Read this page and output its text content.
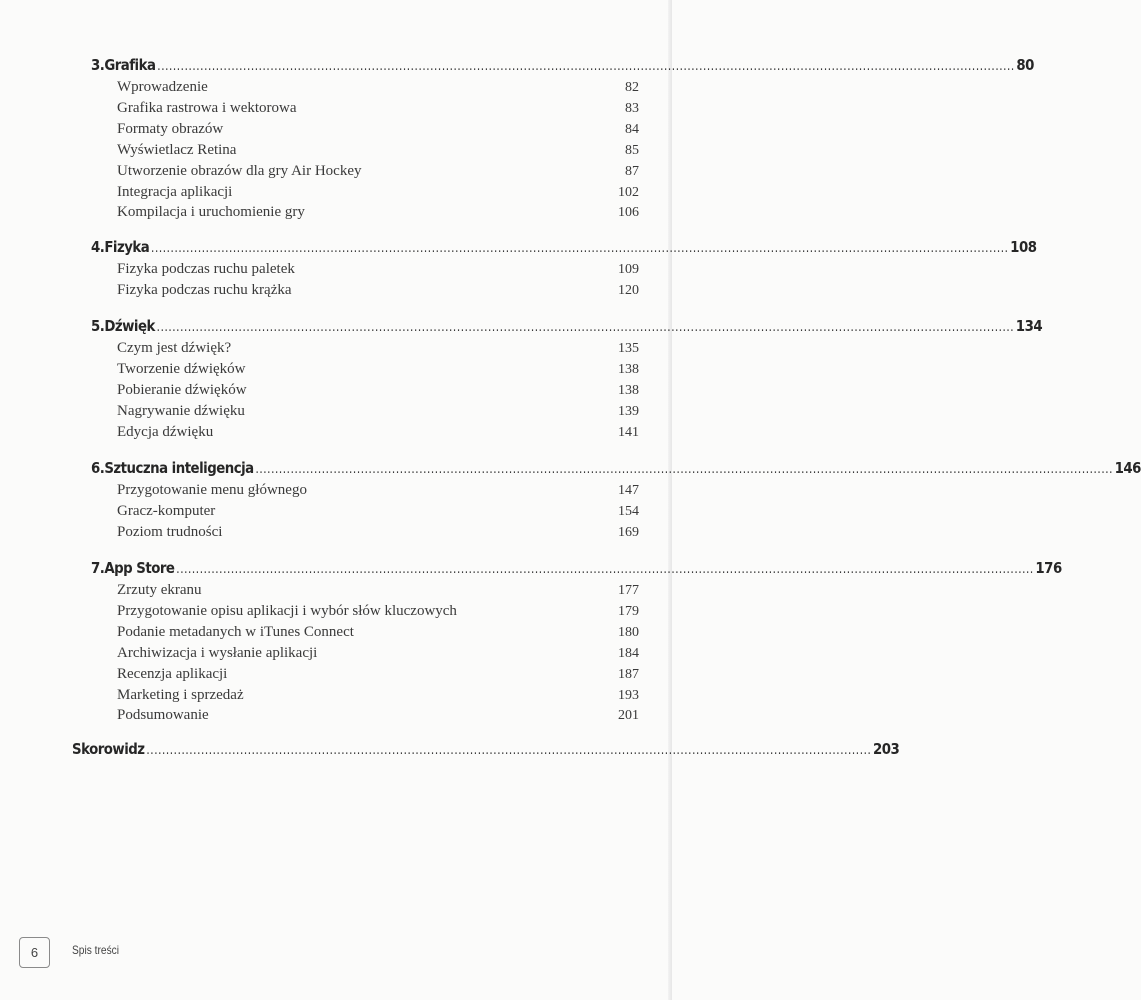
3. Grafika ............................................................................................................................................................................................................................ 80
Wprowadzenie	82
Grafika rastrowa i wektorowa	83
Formaty obrazów	84
Wyświetlacz Retina	85
Utworzenie obrazów dla gry Air Hockey	87
Integracja aplikacji	102
Kompilacja i uruchomienie gry	106
4. Fizyka ............................................................................................................................................................................................................................ 108
Fizyka podczas ruchu paletek	109
Fizyka podczas ruchu krążka	120
5. Dźwięk ............................................................................................................................................................................................................................ 134
Czym jest dźwięk?	135
Tworzenie dźwięków	138
Pobieranie dźwięków	138
Nagrywanie dźwięku	139
Edycja dźwięku	141
6. Sztuczna inteligencja ............................................................................................................................................................................................................................ 146
Przygotowanie menu głównego	147
Gracz-komputer	154
Poziom trudności	169
7. App Store ............................................................................................................................................................................................................................ 176
Zrzuty ekranu	177
Przygotowanie opisu aplikacji i wybór słów kluczowych	179
Podanie metadanych w iTunes Connect	180
Archiwizacja i wysłanie aplikacji	184
Recenzja aplikacji	187
Marketing i sprzedaż	193
Podsumowanie	201
Skorowidz .......................................................................................................................................................................................... 203
6	Spis treści
